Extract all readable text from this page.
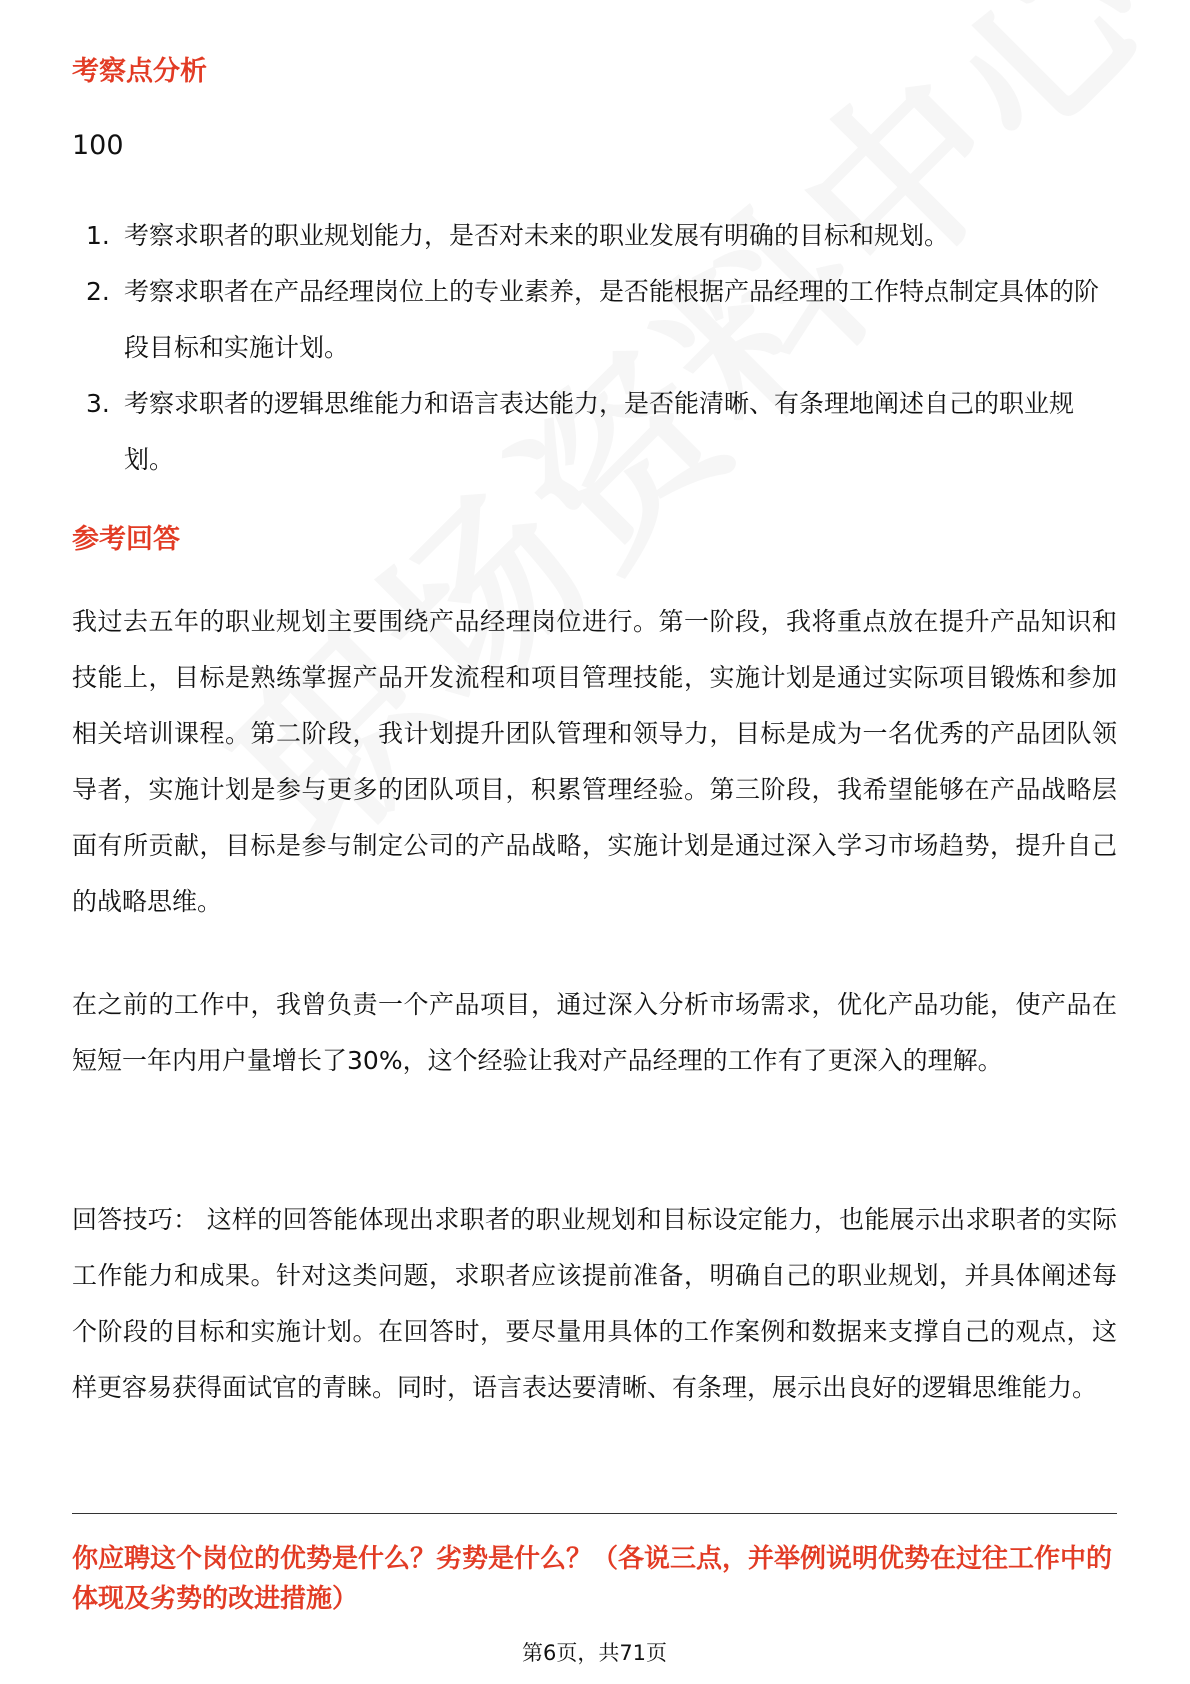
考察点分析
100
1. 考察求职者的职业规划能力，是否对未来的职业发展有明确的目标和规划。
2. 考察求职者在产品经理岗位上的专业素养，是否能根据产品经理的工作特点制定具体的阶段目标和实施计划。
3. 考察求职者的逻辑思维能力和语言表达能力，是否能清晰、有条理地阐述自己的职业规划。
参考回答
我过去五年的职业规划主要围绕产品经理岗位进行。第一阶段，我将重点放在提升产品知识和技能上，目标是熟练掌握产品开发流程和项目管理技能，实施计划是通过实际项目锻炼和参加相关培训课程。第二阶段，我计划提升团队管理和领导力，目标是成为一名优秀的产品团队领导者，实施计划是参与更多的团队项目，积累管理经验。第三阶段，我希望能够在产品战略层面有所贡献，目标是参与制定公司的产品战略，实施计划是通过深入学习市场趋势，提升自己的战略思维。
在之前的工作中，我曾负责一个产品项目，通过深入分析市场需求，优化产品功能，使产品在短短一年内用户量增长了30%，这个经验让我对产品经理的工作有了更深入的理解。
回答技巧： 这样的回答能体现出求职者的职业规划和目标设定能力，也能展示出求职者的实际工作能力和成果。针对这类问题，求职者应该提前准备，明确自己的职业规划，并具体阐述每个阶段的目标和实施计划。在回答时，要尽量用具体的工作案例和数据来支撑自己的观点，这样更容易获得面试官的青睐。同时，语言表达要清晰、有条理，展示出良好的逻辑思维能力。
你应聘这个岗位的优势是什么？劣势是什么？（各说三点，并举例说明优势在过往工作中的体现及劣势的改进措施）
第6页，共71页
